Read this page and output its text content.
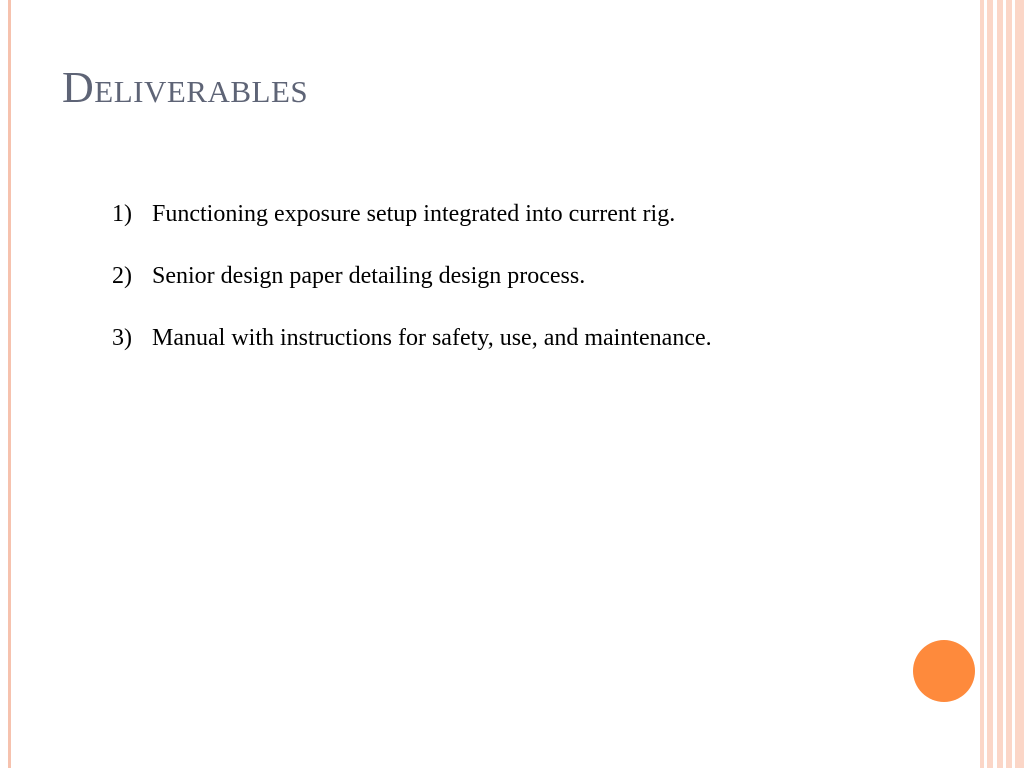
Deliverables
1) Functioning exposure setup integrated into current rig.
2) Senior design paper detailing design process.
3) Manual with instructions for safety, use, and maintenance.
